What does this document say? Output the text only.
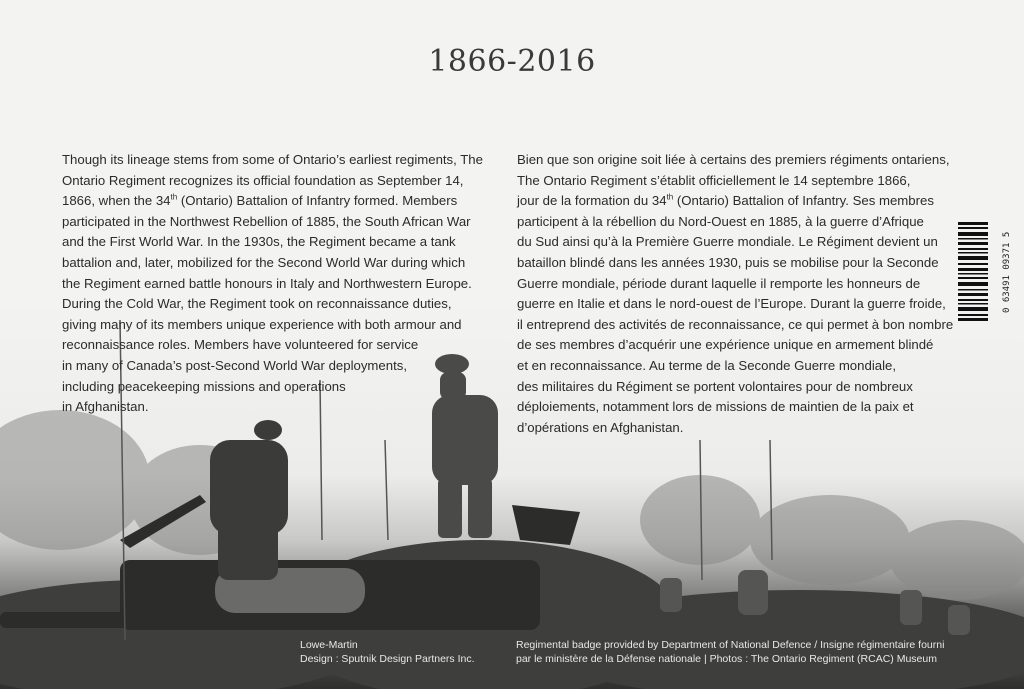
1866-2016
Though its lineage stems from some of Ontario’s earliest regiments, The
Ontario Regiment recognizes its official foundation as September 14,
1866, when the 34th (Ontario) Battalion of Infantry formed. Members
participated in the Northwest Rebellion of 1885, the South African War
and the First World War. In the 1930s, the Regiment became a tank
battalion and, later, mobilized for the Second World War during which
the Regiment earned battle honours in Italy and Northwestern Europe.
During the Cold War, the Regiment took on reconnaissance duties,
giving many of its members unique experience with both armour and
reconnaissance roles. Members have volunteered for service
in many of Canada’s post-Second World War deployments,
including peacekeeping missions and operations
in Afghanistan.
Bien que son origine soit liée à certains des premiers régiments ontariens,
The Ontario Regiment s’établit officiellement le 14 septembre 1866,
jour de la formation du 34th (Ontario) Battalion of Infantry. Ses membres
participent à la rébellion du Nord-Ouest en 1885, à la guerre d’Afrique
du Sud ainsi qu’à la Première Guerre mondiale. Le Régiment devient un
bataillon blindé dans les années 1930, puis se mobilise pour la Seconde
Guerre mondiale, période durant laquelle il remporte les honneurs de
guerre en Italie et dans le nord-ouest de l’Europe. Durant la guerre froide,
il entreprend des activités de reconnaissance, ce qui permet à bon nombre
de ses membres d’acquérir une expérience unique en armement blindé
et en reconnaissance. Au terme de la Seconde Guerre mondiale,
des militaires du Régiment se portent volontaires pour de nombreux
déploiements, notamment lors de missions de maintien de la paix et
d’opérations en Afghanistan.
0 63491 09371 5
Lowe-Martin
Design : Sputnik Design Partners Inc.
Regimental badge provided by Department of National Defence / Insigne régimentaire fourni
par le ministère de la Défense nationale | Photos : The Ontario Regiment (RCAC) Museum
